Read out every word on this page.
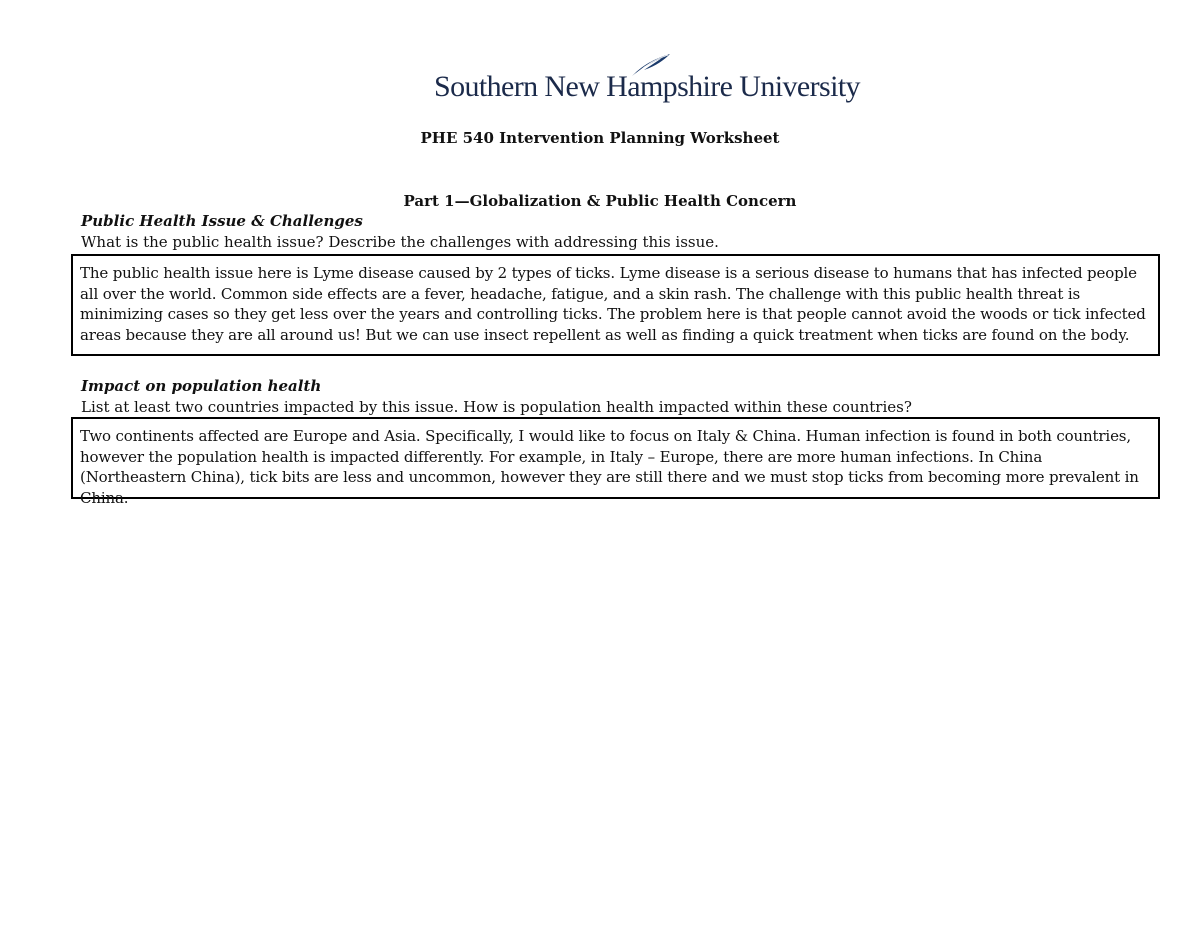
Southern New Hampshire University
PHE 540 Intervention Planning Worksheet
Part 1—Globalization & Public Health Concern
Public Health Issue & Challenges
What is the public health issue? Describe the challenges with addressing this issue.
The public health issue here is Lyme disease caused by 2 types of ticks. Lyme disease is a serious disease to humans that has infected people all over the world. Common side effects are a fever, headache, fatigue, and a skin rash. The challenge with this public health threat is minimizing cases so they get less over the years and controlling ticks. The problem here is that people cannot avoid the woods or tick infected areas because they are all around us! But we can use insect repellent as well as finding a quick treatment when ticks are found on the body.
Impact on population health
List at least two countries impacted by this issue. How is population health impacted within these countries?
Two continents affected are Europe and Asia. Specifically, I would like to focus on Italy & China. Human infection is found in both countries, however the population health is impacted differently. For example, in Italy – Europe, there are more human infections. In China (Northeastern China), tick bits are less and uncommon, however they are still there and we must stop ticks from becoming more prevalent in China.
